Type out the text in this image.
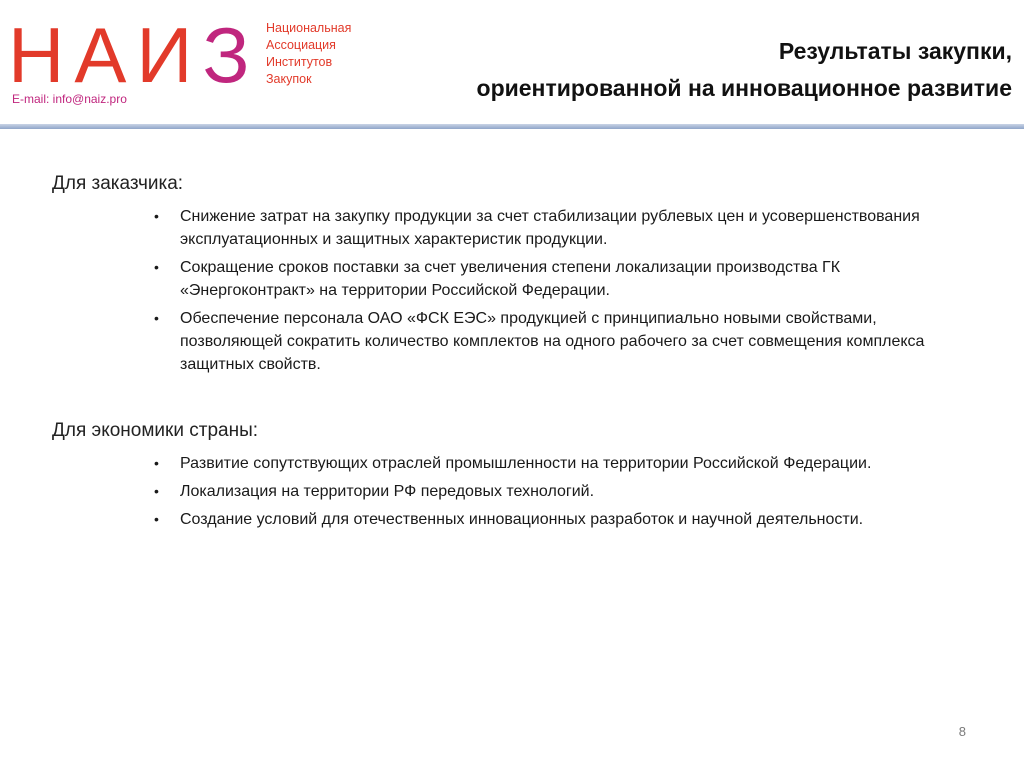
Н А И З Национальная
Ассоциация
Институтов
Закупок
E-mail: info@naiz.pro
Результаты закупки,
ориентированной на инновационное развитие
Для заказчика:
• Снижение затрат на закупку продукции за счет стабилизации рублевых цен и усовершенствования эксплуатационных и защитных характеристик продукции.
• Сокращение сроков поставки за счет увеличения степени локализации производства ГК «Энергоконтракт» на территории Российской Федерации.
• Обеспечение персонала ОАО «ФСК ЕЭС» продукцией с принципиально новыми свойствами, позволяющей сократить количество комплектов на одного рабочего за счет совмещения комплекса защитных свойств.
Для экономики страны:
• Развитие сопутствующих отраслей промышленности на территории Российской Федерации.
• Локализация на территории РФ передовых технологий.
• Создание условий для отечественных инновационных разработок и научной деятельности.
8
